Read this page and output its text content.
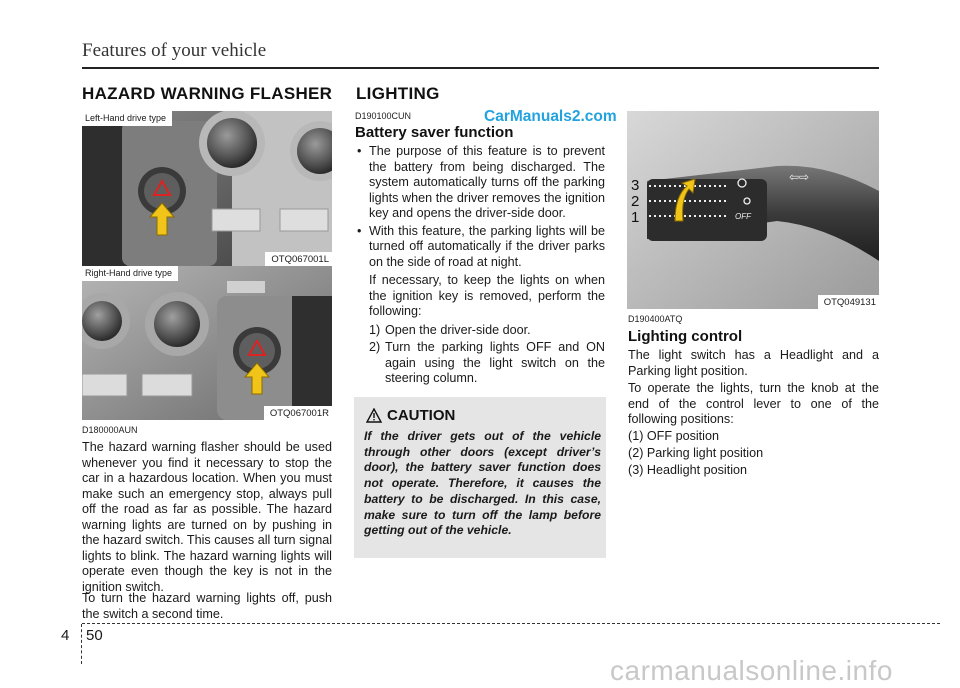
Features of your vehicle
HAZARD WARNING FLASHER LIGHTING
CarManuals2.com
Left-Hand drive type
OTQ067001L
Right-Hand drive type
OTQ067001R
D180000AUN
The hazard warning flasher should be used whenever you find it necessary to stop the car in a hazardous location. When you must make such an emergency stop, always pull off the road as far as possible. The hazard warning lights are turned on by pushing in the hazard switch. This causes all turn signal lights to blink. The hazard warning lights will operate even though the key is not in the ignition switch.
To turn the hazard warning lights off, push the switch a second time.
D190100CUN
Battery saver function
• The purpose of this feature is to prevent the battery from being discharged. The system automatically turns off the parking lights when the driver removes the ignition key and opens the driver-side door.
• With this feature, the parking lights will be turned off automatically if the driver parks on the side of road at night.
If necessary, to keep the lights on when the ignition key is removed, perform the following:
1) Open the driver-side door.
2) Turn the parking lights OFF and ON again using the light switch on the steering column.
CAUTION
If the driver gets out of the vehicle through other doors (except driver’s door), the battery saver function does not operate. Therefore, it causes the battery to be discharged. In this case, make sure to turn off the lamp before getting out of the vehicle.
3
2
1	OFF
⇦⇨
OTQ049131
D190400ATQ
Lighting control
The light switch has a Headlight and a Parking light position.
To operate the lights, turn the knob at the end of the control lever to one of the following positions:
(1) OFF position
(2) Parking light position
(3) Headlight position
4 50
carmanualsonline.info
